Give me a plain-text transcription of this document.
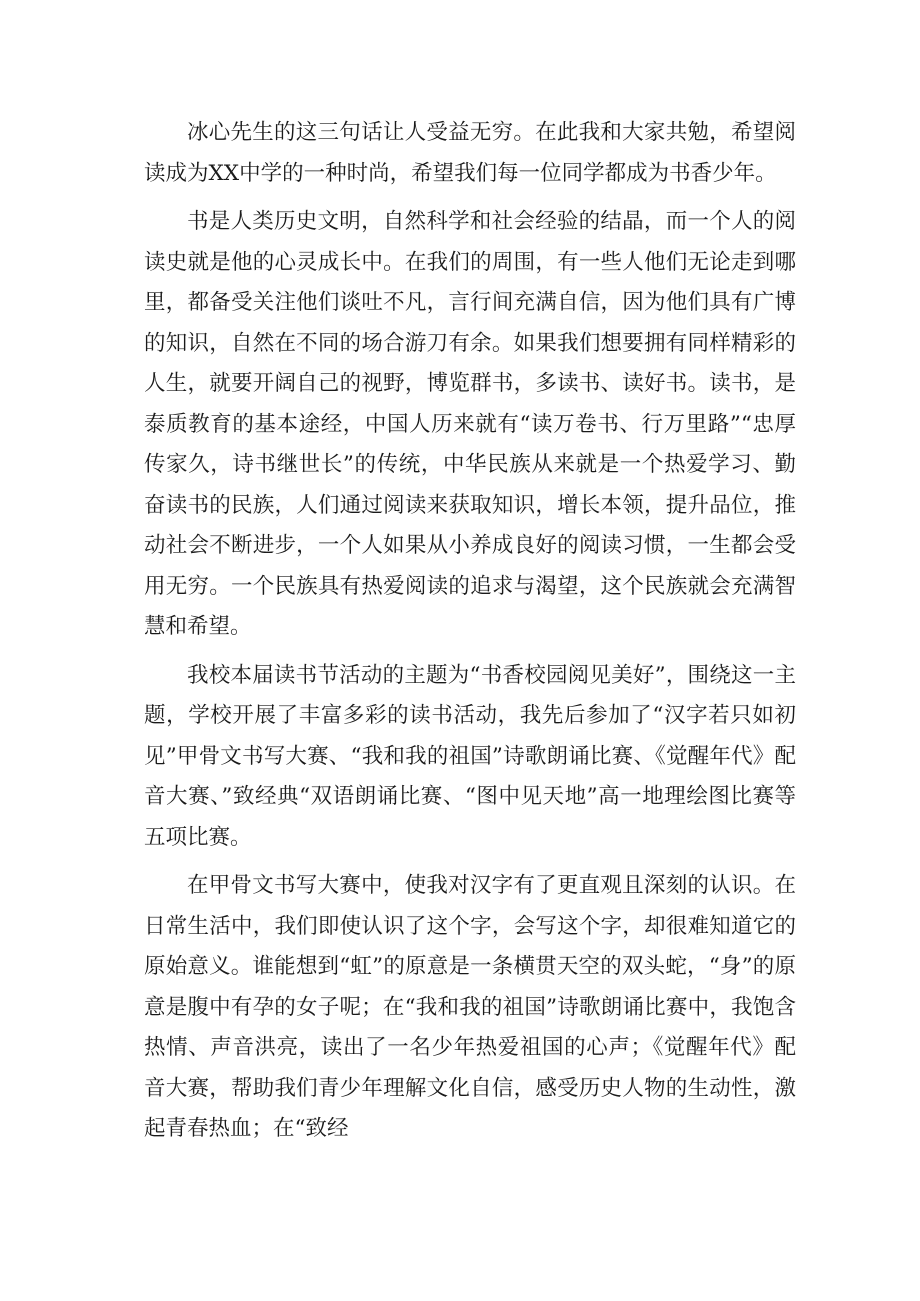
冰心先生的这三句话让人受益无穷。在此我和大家共勉，希望阅读成为XX中学的一种时尚，希望我们每一位同学都成为书香少年。

书是人类历史文明，自然科学和社会经验的结晶，而一个人的阅读史就是他的心灵成长中。在我们的周围，有一些人他们无论走到哪里，都备受关注他们谈吐不凡，言行间充满自信，因为他们具有广博的知识，自然在不同的场合游刀有余。如果我们想要拥有同样精彩的人生，就要开阔自己的视野，博览群书，多读书、读好书。读书，是泰质教育的基本途经，中国人历来就有“读万卷书、行万里路”“忠厚传家久，诗书继世长”的传统，中华民族从来就是一个热爱学习、勤奋读书的民族，人们通过阅读来获取知识，增长本领，提升品位，推动社会不断进步，一个人如果从小养成良好的阅读习惯，一生都会受用无穷。一个民族具有热爱阅读的追求与渴望，这个民族就会充满智慧和希望。

我校本届读书节活动的主题为“书香校园阅见美好”，围绕这一主题，学校开展了丰富多彩的读书活动，我先后参加了“汉字若只如初见”甲骨文书写大赛、“我和我的祖国”诗歌朗诵比赛、《觉醒年代》配音大赛、”致经典“双语朗诵比赛、“图中见天地”高一地理绘图比赛等五项比赛。

在甲骨文书写大赛中，使我对汉字有了更直观且深刻的认识。在日常生活中，我们即使认识了这个字，会写这个字，却很难知道它的原始意义。谁能想到“虹”的原意是一条横贯天空的双头蛇，“身”的原意是腹中有孕的女子呢；在“我和我的祖国”诗歌朗诵比赛中，我饱含热情、声音洪亮，读出了一名少年热爱祖国的心声；《觉醒年代》配音大赛，帮助我们青少年理解文化自信，感受历史人物的生动性，激起青春热血；在“致经
